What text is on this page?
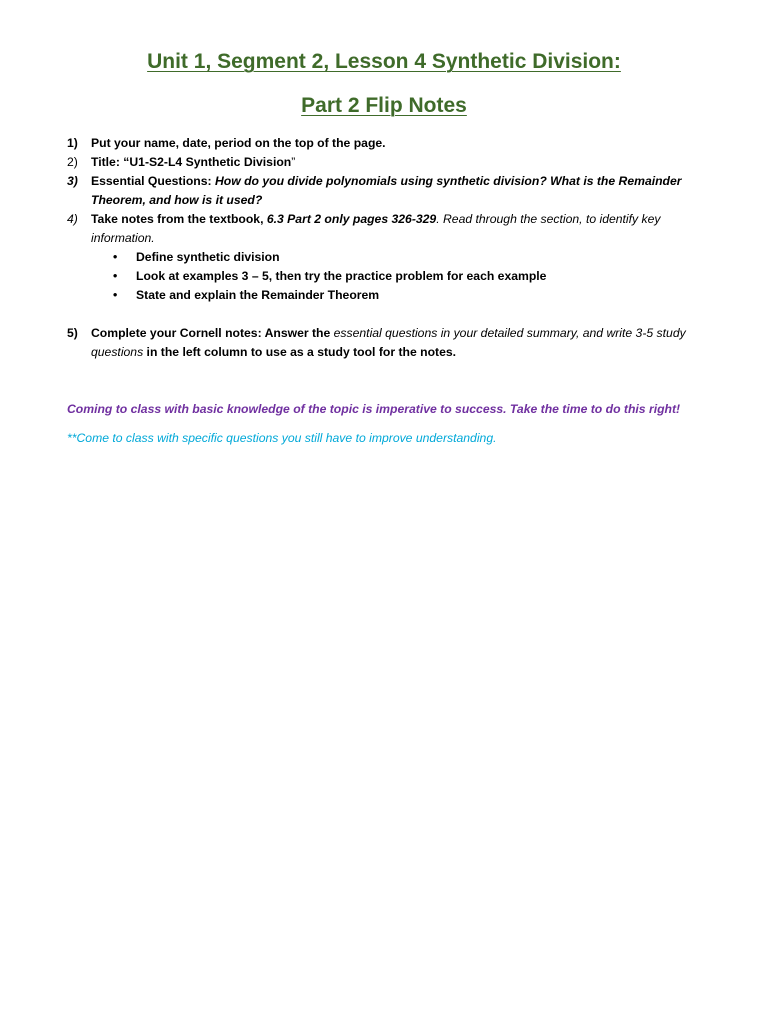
Unit 1, Segment 2, Lesson 4 Synthetic Division:
Part 2 Flip Notes
1) Put your name, date, period on the top of the page.
2) Title: “U1-S2-L4 Synthetic Division”
3) Essential Questions: How do you divide polynomials using synthetic division? What is the Remainder Theorem, and how is it used?
4) Take notes from the textbook, 6.3 Part 2 only pages 326-329. Read through the section, to identify key information.
• Define synthetic division
• Look at examples 3 – 5, then try the practice problem for each example
• State and explain the Remainder Theorem
5) Complete your Cornell notes: Answer the essential questions in your detailed summary, and write 3-5 study questions in the left column to use as a study tool for the notes.
Coming to class with basic knowledge of the topic is imperative to success. Take the time to do this right!
**Come to class with specific questions you still have to improve understanding.
